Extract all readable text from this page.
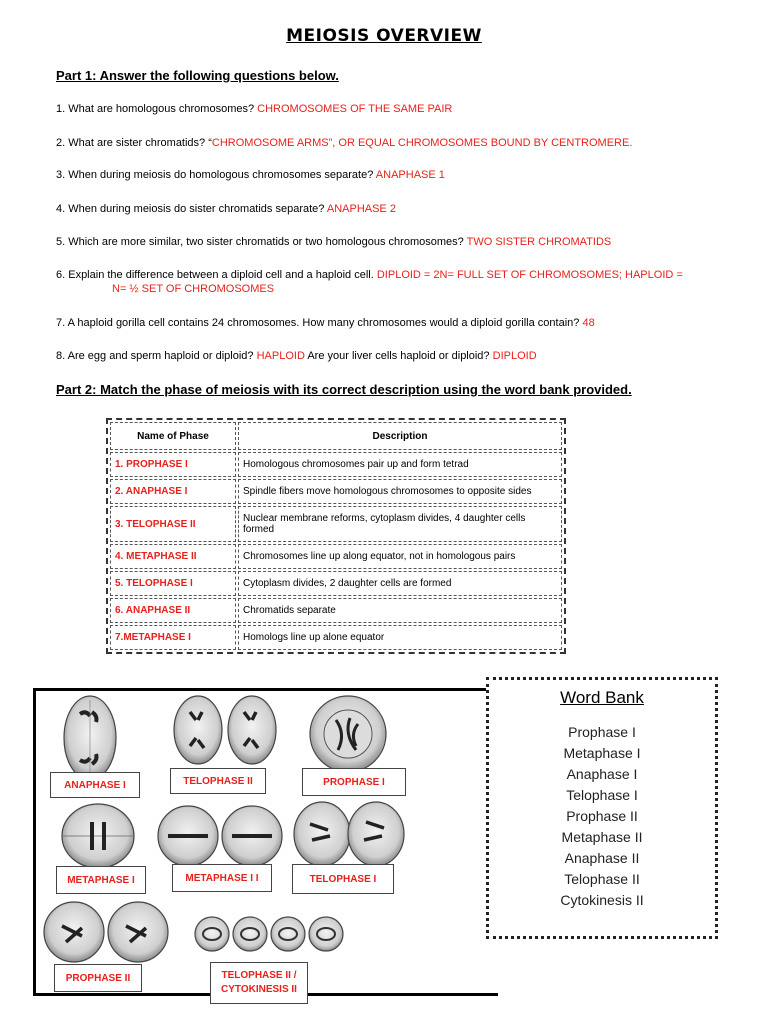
MEIOSIS OVERVIEW
Part 1: Answer the following questions below.
1. What are homologous chromosomes? CHROMOSOMES OF THE SAME PAIR
2. What are sister chromatids? “CHROMOSOME ARMS”, OR EQUAL CHROMOSOMES BOUND BY CENTROMERE.
3. When during meiosis do homologous chromosomes separate? ANAPHASE 1
4. When during meiosis do sister chromatids separate? ANAPHASE 2
5. Which are more similar, two sister chromatids or two homologous chromosomes? TWO SISTER CHROMATIDS
6. Explain the difference between a diploid cell and a haploid cell. DIPLOID = 2N= FULL SET OF CHROMOSOMES; HAPLOID =
N= ½ SET OF CHROMOSOMES
7. A haploid gorilla cell contains 24 chromosomes. How many chromosomes would a diploid gorilla contain? 48
8. Are egg and sperm haploid or diploid? HAPLOID Are your liver cells haploid or diploid? DIPLOID
Part 2: Match the phase of meiosis with its correct description using the word bank provided.
Name of Phase	Description
1. PROPHASE I	Homologous chromosomes pair up and form tetrad
2. ANAPHASE I	Spindle fibers move homologous chromosomes to opposite sides
3. TELOPHASE II	Nuclear membrane reforms, cytoplasm divides, 4 daughter cells formed
4. METAPHASE II	Chromosomes line up along equator, not in homologous pairs
5. TELOPHASE I	Cytoplasm divides, 2 daughter cells are formed
6. ANAPHASE II	Chromatids separate
7.METAPHASE I	Homologs line up alone equator
ANAPHASE I	TELOPHASE II	PROPHASE I
METAPHASE I	METAPHASE I I	TELOPHASE I
PROPHASE II	TELOPHASE II /
CYTOKINESIS II
Word Bank
Prophase I
Metaphase I
Anaphase I
Telophase I
Prophase II
Metaphase II
Anaphase II
Telophase II
Cytokinesis II
